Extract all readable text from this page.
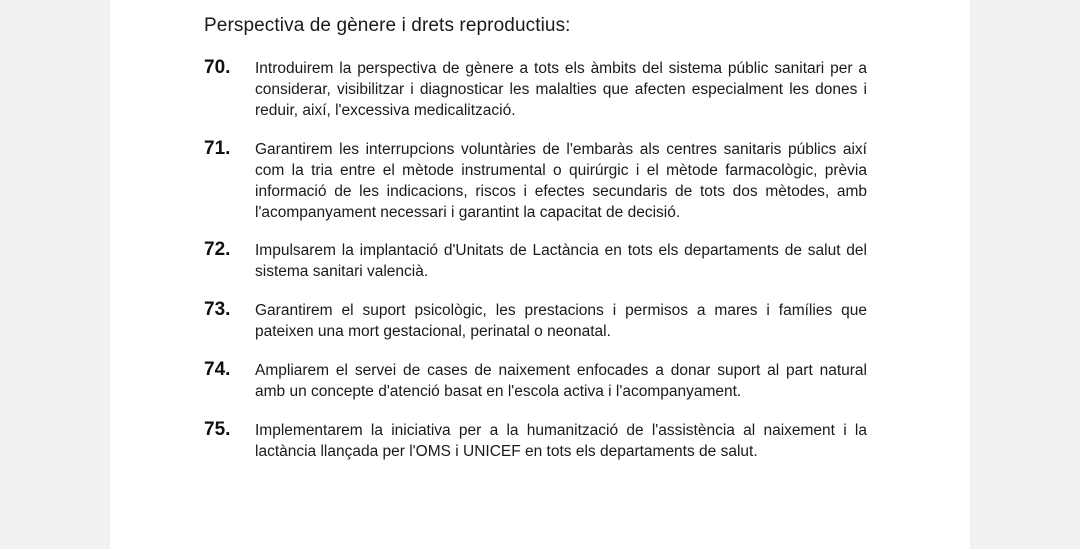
Perspectiva de gènere i drets reproductius:
70. Introduirem la perspectiva de gènere a tots els àmbits del sistema públic sanitari per a considerar, visibilitzar i diagnosticar les malalties que afecten especialment les dones i reduir, així, l'excessiva medicalització.
71. Garantirem les interrupcions voluntàries de l'embaràs als centres sanitaris públics així com la tria entre el mètode instrumental o quirúrgic i el mètode farmacològic, prèvia informació de les indicacions, riscos i efectes secundaris de tots dos mètodes, amb l'acompanyament necessari i garantint la capacitat de decisió.
72. Impulsarem la implantació d'Unitats de Lactància en tots els departaments de salut del sistema sanitari valencià.
73. Garantirem el suport psicològic, les prestacions i permisos a mares i famílies que pateixen una mort gestacional, perinatal o neonatal.
74. Ampliarem el servei de cases de naixement enfocades a donar suport al part natural amb un concepte d'atenció basat en l'escola activa i l'acompanyament.
75. Implementarem la iniciativa per a la humanització de l'assistència al naixement i la lactància llançada per l'OMS i UNICEF en tots els departaments de salut.
